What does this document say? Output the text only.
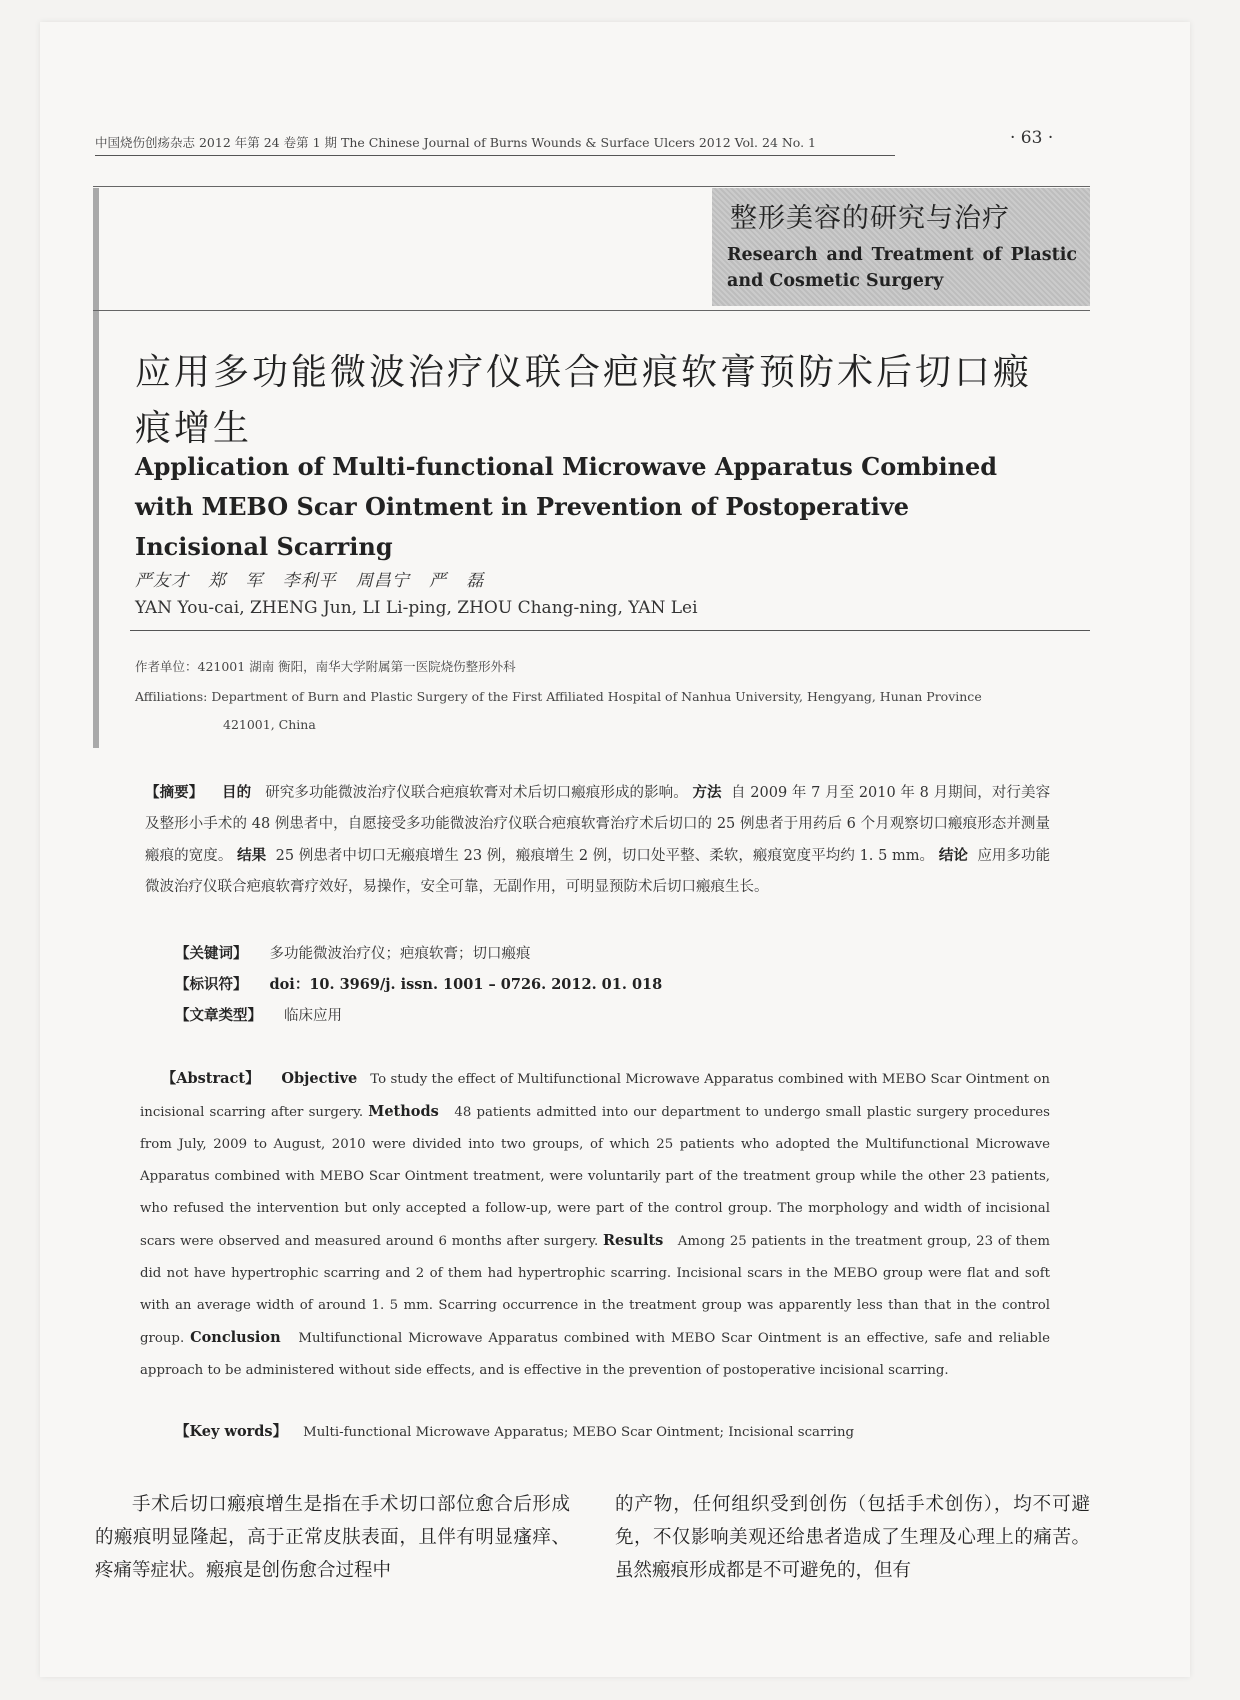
中国烧伤创疡杂志 2012 年第 24 卷第 1 期 The Chinese Journal of Burns Wounds & Surface Ulcers 2012 Vol. 24 No. 1	· 63 ·
整形美容的研究与治疗
Research and Treatment of Plastic
and Cosmetic Surgery
应用多功能微波治疗仪联合疤痕软膏预防术后切口瘢痕增生
Application of Multi-functional Microwave Apparatus Combined with MEBO Scar Ointment in Prevention of Postoperative Incisional Scarring
严友才   郑   军   李利平   周昌宁   严   磊
YAN You-cai, ZHENG Jun, LI Li-ping, ZHOU Chang-ning, YAN Lei
作者单位：421001 湖南 衡阳，南华大学附属第一医院烧伤整形外科
Affiliations: Department of Burn and Plastic Surgery of the First Affiliated Hospital of Nanhua University, Hengyang, Hunan Province
421001, China
【摘要】 目的 研究多功能微波治疗仪联合疤痕软膏对术后切口瘢痕形成的影响。 方法 自 2009 年 7 月至 2010 年 8 月期间，对行美容及整形小手术的 48 例患者中，自愿接受多功能微波治疗仪联合疤痕软膏治疗术后切口的 25 例患者于用药后 6 个月观察切口瘢痕形态并测量瘢痕的宽度。 结果 25 例患者中切口无瘢痕增生 23 例，瘢痕增生 2 例，切口处平整、柔软，瘢痕宽度平均约 1. 5 mm。 结论 应用多功能微波治疗仪联合疤痕软膏疗效好，易操作，安全可靠，无副作用，可明显预防术后切口瘢痕生长。
【关键词】 多功能微波治疗仪；疤痕软膏；切口瘢痕
【标识符】 doi：10. 3969/j. issn. 1001 – 0726. 2012. 01. 018
【文章类型】 临床应用
【Abstract】 Objective To study the effect of Multifunctional Microwave Apparatus combined with MEBO Scar Ointment on incisional scarring after surgery. Methods 48 patients admitted into our department to undergo small plastic surgery procedures from July, 2009 to August, 2010 were divided into two groups, of which 25 patients who adopted the Multifunctional Microwave Apparatus combined with MEBO Scar Ointment treatment, were voluntarily part of the treatment group while the other 23 patients, who refused the intervention but only accepted a follow-up, were part of the control group. The morphology and width of incisional scars were observed and measured around 6 months after surgery. Results Among 25 patients in the treatment group, 23 of them did not have hypertrophic scarring and 2 of them had hypertrophic scarring. Incisional scars in the MEBO group were flat and soft with an average width of around 1. 5 mm. Scarring occurrence in the treatment group was apparently less than that in the control group. Conclusion Multifunctional Microwave Apparatus combined with MEBO Scar Ointment is an effective, safe and reliable approach to be administered without side effects, and is effective in the prevention of postoperative incisional scarring.
【Key words】 Multi-functional Microwave Apparatus; MEBO Scar Ointment; Incisional scarring
手术后切口瘢痕增生是指在手术切口部位愈合后形成的瘢痕明显隆起，高于正常皮肤表面，且伴有明显瘙痒、疼痛等症状。瘢痕是创伤愈合过程中
的产物，任何组织受到创伤（包括手术创伤），均不可避免，不仅影响美观还给患者造成了生理及心理上的痛苦。虽然瘢痕形成都是不可避免的，但有
